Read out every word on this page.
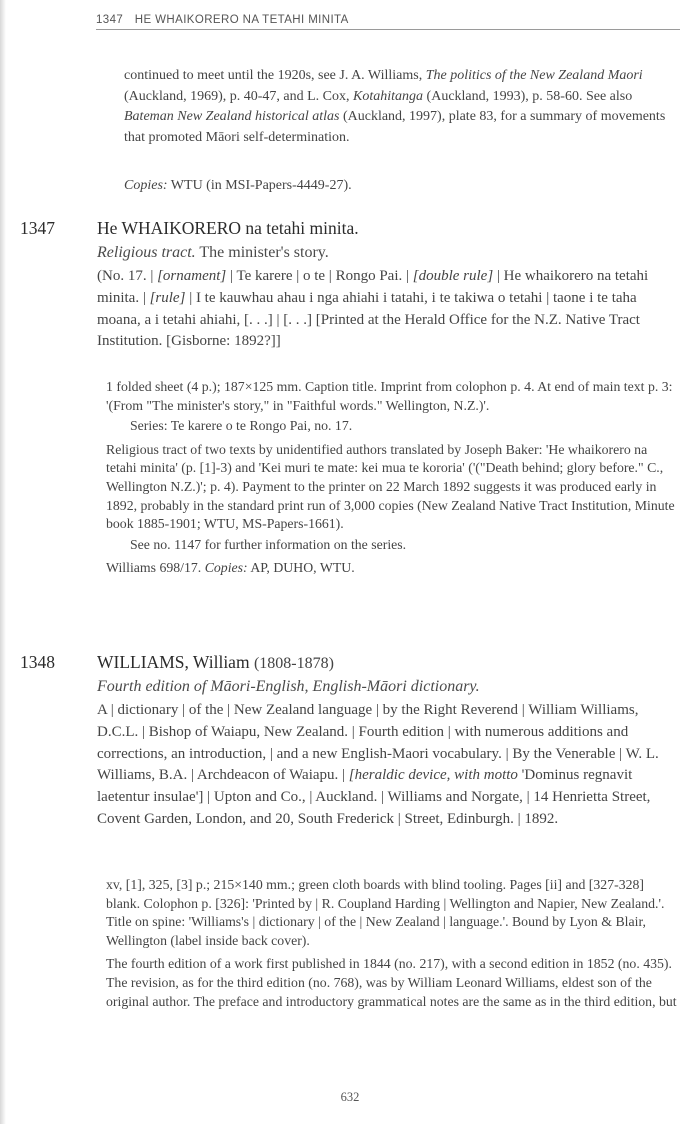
1347 HE WHAIKORERO NA TETAHI MINITA

continued to meet until the 1920s, see J. A. Williams, The politics of the New Zealand Maori (Auckland, 1969), p. 40-47, and L. Cox, Kotahitanga (Auckland, 1993), p. 58-60. See also Bateman New Zealand historical atlas (Auckland, 1997), plate 83, for a summary of movements that promoted Māori self-determination.

Copies: WTU (in MSI-Papers-4449-27).

1347 He WHAIKORERO na tetahi minita.
Religious tract. The minister's story.

(No. 17. | [ornament] | Te karere | o te | Rongo Pai. | [double rule] | He whaikorero na tetahi minita. | [rule] | I te kauwhau ahau i nga ahiahi i tatahi, i te takiwa o tetahi | taone i te taha moana, a i tetahi ahiahi, [. . .] | [. . .] [Printed at the Herald Office for the N.Z. Native Tract Institution. [Gisborne: 1892?]]

1 folded sheet (4 p.); 187×125 mm. Caption title. Imprint from colophon p. 4. At end of main text p. 3: '(From "The minister's story," in "Faithful words." Wellington, N.Z.)'.

Series: Te karere o te Rongo Pai, no. 17.

Religious tract of two texts by unidentified authors translated by Joseph Baker: 'He whaikorero na tetahi minita' (p. [1]-3) and 'Kei muri te mate: kei mua te kororia' ('("Death behind; glory before." C., Wellington N.Z.)'; p. 4). Payment to the printer on 22 March 1892 suggests it was produced early in 1892, probably in the standard print run of 3,000 copies (New Zealand Native Tract Institution, Minute book 1885-1901; WTU, MS-Papers-1661).

See no. 1147 for further information on the series.

Williams 698/17. Copies: AP, DUHO, WTU.

1348 WILLIAMS, William (1808-1878)
Fourth edition of Māori-English, English-Māori dictionary.

A | dictionary | of the | New Zealand language | by the Right Reverend | William Williams, D.C.L. | Bishop of Waiapu, New Zealand. | Fourth edition | with numerous additions and corrections, an introduction, | and a new English-Maori vocabulary. | By the Venerable | W. L. Williams, B.A. | Archdeacon of Waiapu. | [heraldic device, with motto 'Dominus regnavit laetentur insulae'] | Upton and Co., | Auckland. | Williams and Norgate, | 14 Henrietta Street, Covent Garden, London, and 20, South Frederick | Street, Edinburgh. | 1892.

xv, [1], 325, [3] p.; 215×140 mm.; green cloth boards with blind tooling. Pages [ii] and [327-328] blank. Colophon p. [326]: 'Printed by | R. Coupland Harding | Wellington and Napier, New Zealand.'. Title on spine: 'Williams's | dictionary | of the | New Zealand | language.'. Bound by Lyon & Blair, Wellington (label inside back cover).

The fourth edition of a work first published in 1844 (no. 217), with a second edition in 1852 (no. 435). The revision, as for the third edition (no. 768), was by William Leonard Williams, eldest son of the original author. The preface and introductory grammatical notes are the same as in the third edition, but

632
